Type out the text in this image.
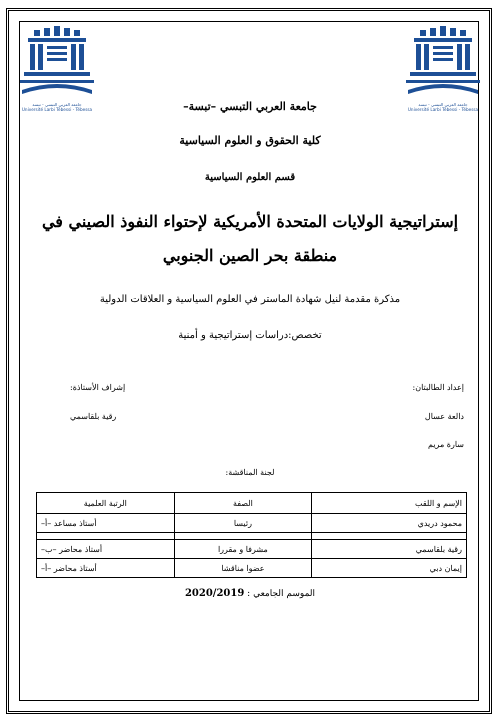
جامعة العربي التبسي - تبسة
Université Larbi Tébessi - Tébessa
جامعة العربي التبسي - تبسة
Université Larbi Tébessi - Tébessa
جامعة العربي التبسي –تبسة–
كلية الحقوق و العلوم السياسية
قسم العلوم السياسية
إستراتيجية الولايات المتحدة الأمريكية لإحتواء النفوذ الصيني في
منطقة بحر الصين الجنوبي
مذكرة مقدمة لنيل شهادة الماستر في العلوم السياسية و العلاقات الدولية
تخصص:دراسات إستراتيجية و أمنية
إعداد الطالبتان:
دالعة عسال
سارة مريم
إشراف الأستاذة:
رقية بلقاسمي
لجنة المناقشة:
الإسم و اللقب	الصفة	الرتبة العلمية
محمود دريدي	رئيسا	أستاذ مساعد –أ–

رقية بلقاسمي	مشرفا و مقررا	أستاذ محاضر –ب–
إيمان دبي	عضوا مناقشا	أستاذ محاضر –أ–
الموسم الجامعي : 2020/2019
